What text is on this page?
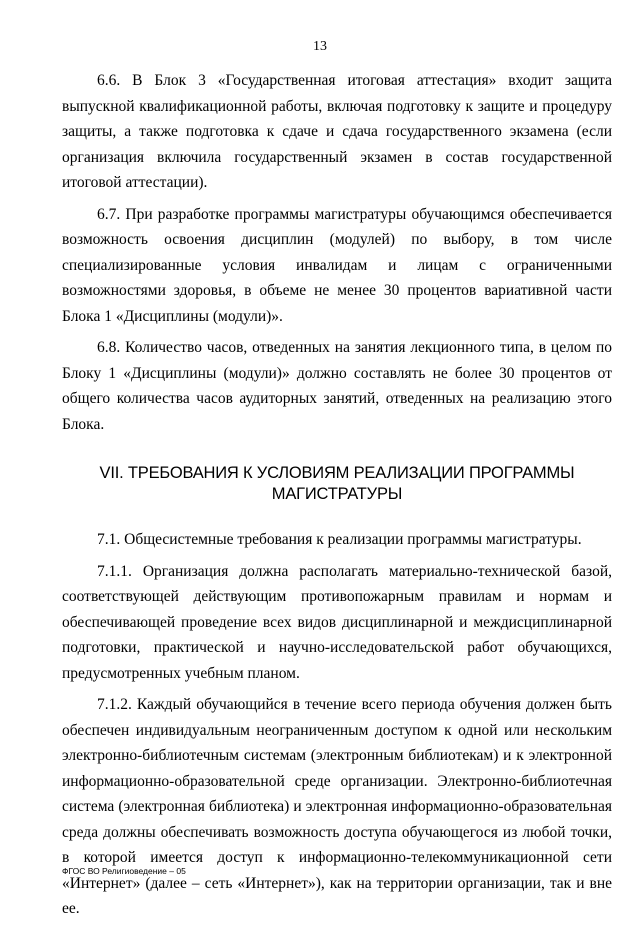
13

6.6. В Блок 3 «Государственная итоговая аттестация» входит защита выпускной квалификационной работы, включая подготовку к защите и процедуру защиты, а также подготовка к сдаче и сдача государственного экзамена (если организация включила государственный экзамен в состав государственной итоговой аттестации).

6.7. При разработке программы магистратуры обучающимся обеспечивается возможность освоения дисциплин (модулей) по выбору, в том числе специализированные условия инвалидам и лицам с ограниченными возможностями здоровья, в объеме не менее 30 процентов вариативной части Блока 1 «Дисциплины (модули)».

6.8. Количество часов, отведенных на занятия лекционного типа, в целом по Блоку 1 «Дисциплины (модули)» должно составлять не более 30 процентов от общего количества часов аудиторных занятий, отведенных на реализацию этого Блока.

VII. ТРЕБОВАНИЯ К УСЛОВИЯМ РЕАЛИЗАЦИИ ПРОГРАММЫ МАГИСТРАТУРЫ

7.1. Общесистемные требования к реализации программы магистратуры.

7.1.1. Организация должна располагать материально-технической базой, соответствующей действующим противопожарным правилам и нормам и обеспечивающей проведение всех видов дисциплинарной и междисциплинарной подготовки, практической и научно-исследовательской работ обучающихся, предусмотренных учебным планом.

7.1.2. Каждый обучающийся в течение всего периода обучения должен быть обеспечен индивидуальным неограниченным доступом к одной или нескольким электронно-библиотечным системам (электронным библиотекам) и к электронной информационно-образовательной среде организации. Электронно-библиотечная система (электронная библиотека) и электронная информационно-образовательная среда должны обеспечивать возможность доступа обучающегося из любой точки, в которой имеется доступ к информационно-телекоммуникационной сети «Интернет» (далее – сеть «Интернет»), как на территории организации, так и вне ее.

ФГОС ВО Религиоведение – 05
